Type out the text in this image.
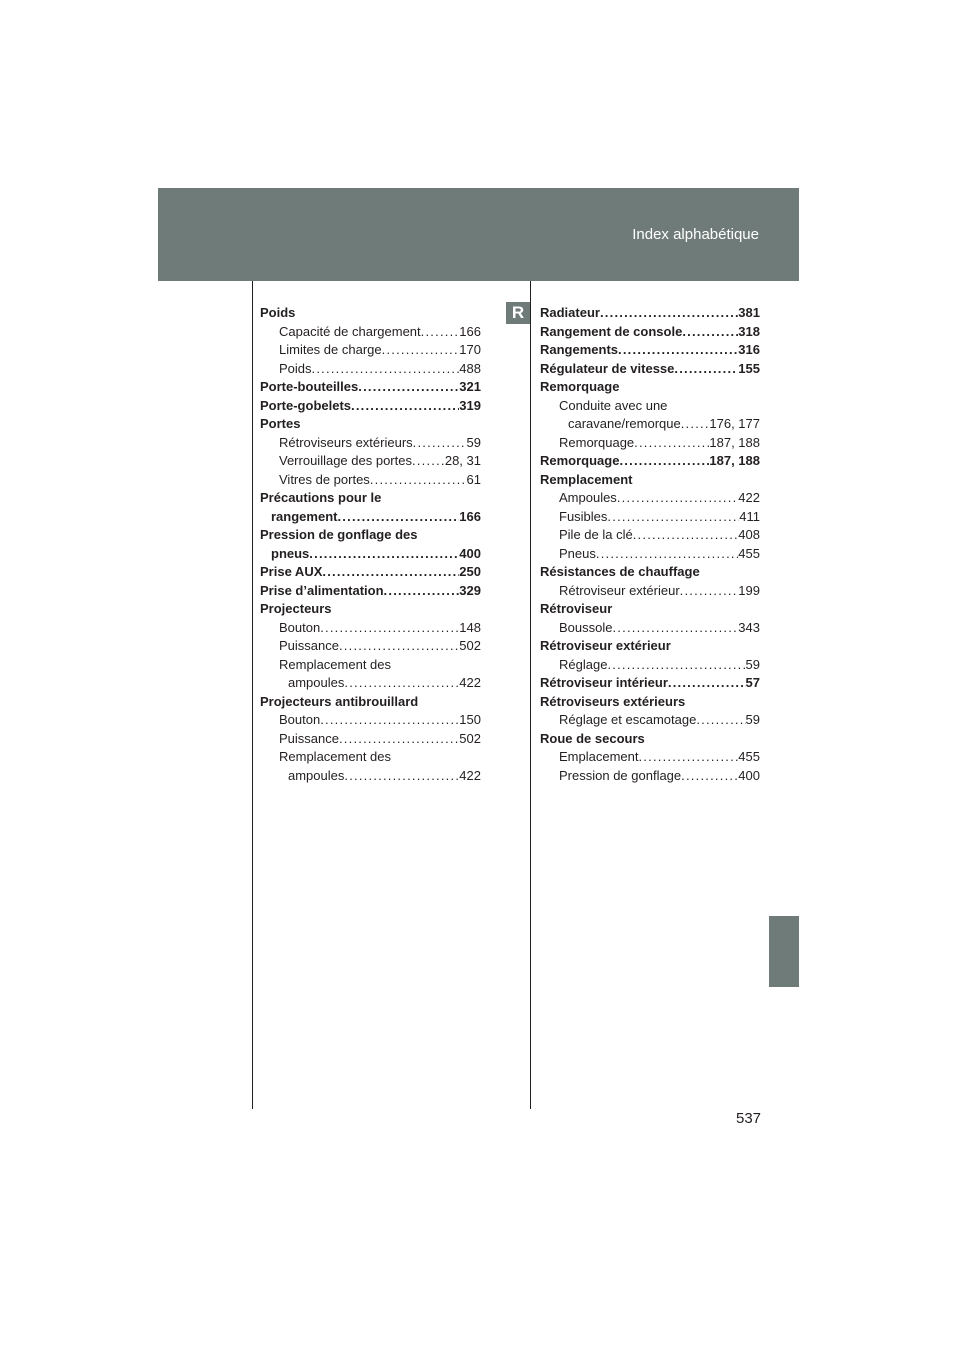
Index alphabétique
R
Poids
Capacité de chargement . . .	166
Limites de charge . . .	170
Poids . . .	488
Porte-bouteilles . . .	321
Porte-gobelets . . .	319
Portes
Rétroviseurs extérieurs . . .	59
Verrouillage des portes . . .	28, 31
Vitres de portes . . .	61
Précautions pour le
rangement . . .	166
Pression de gonflage des
pneus . . .	400
Prise AUX . . .	250
Prise d’alimentation . . .	329
Projecteurs
Bouton . . .	148
Puissance . . .	502
Remplacement des
ampoules . . .	422
Projecteurs antibrouillard
Bouton . . .	150
Puissance . . .	502
Remplacement des
ampoules . . .	422
Radiateur . . .	381
Rangement de console . . .	318
Rangements . . .	316
Régulateur de vitesse . . .	155
Remorquage
Conduite avec une
caravane/remorque . . . 176, 177
Remorquage . . .	187, 188
Remorquage . . .	187, 188
Remplacement
Ampoules . . .	422
Fusibles . . .	411
Pile de la clé . . .	408
Pneus . . .	455
Résistances de chauffage
Rétroviseur extérieur . . .	199
Rétroviseur
Boussole . . .	343
Rétroviseur extérieur
Réglage . . .	59
Rétroviseur intérieur . . .	57
Rétroviseurs extérieurs
Réglage et escamotage . . .	59
Roue de secours
Emplacement . . .	455
Pression de gonflage . . .	400
537
